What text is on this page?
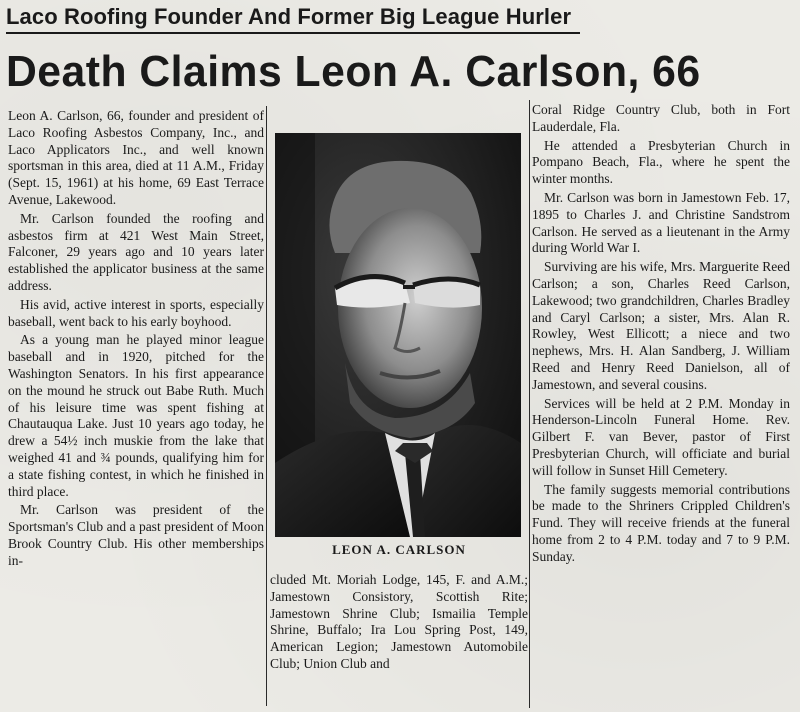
Laco Roofing Founder And Former Big League Hurler
Death Claims Leon A. Carlson, 66

Leon A. Carlson, 66, founder and president of Laco Roofing Asbestos Company, Inc., and Laco Applicators Inc., and well known sportsman in this area, died at 11 A.M., Friday (Sept. 15, 1961) at his home, 69 East Terrace Avenue, Lakewood.

Mr. Carlson founded the roofing and asbestos firm at 421 West Main Street, Falconer, 29 years ago and 10 years later established the applicator business at the same address.

His avid, active interest in sports, especially baseball, went back to his early boyhood.

As a young man he played minor league baseball and in 1920, pitched for the Washington Senators. In his first appearance on the mound he struck out Babe Ruth. Much of his leisure time was spent fishing at Chautauqua Lake. Just 10 years ago today, he drew a 54½ inch muskie from the lake that weighed 41 and ¾ pounds, qualifying him for a state fishing contest, in which he finished in third place.

Mr. Carlson was president of the Sportsman's Club and a past president of Moon Brook Country Club. His other memberships in-

LEON A. CARLSON

cluded Mt. Moriah Lodge, 145, F. and A.M.; Jamestown Consistory, Scottish Rite; Jamestown Shrine Club; Ismailia Temple Shrine, Buffalo; Ira Lou Spring Post, 149, American Legion; Jamestown Automobile Club; Union Club and

Coral Ridge Country Club, both in Fort Lauderdale, Fla.

He attended a Presbyterian Church in Pompano Beach, Fla., where he spent the winter months.

Mr. Carlson was born in Jamestown Feb. 17, 1895 to Charles J. and Christine Sandstrom Carlson. He served as a lieutenant in the Army during World War I.

Surviving are his wife, Mrs. Marguerite Reed Carlson; a son, Charles Reed Carlson, Lakewood; two grandchildren, Charles Bradley and Caryl Carlson; a sister, Mrs. Alan R. Rowley, West Ellicott; a niece and two nephews, Mrs. H. Alan Sandberg, J. William Reed and Henry Reed Danielson, all of Jamestown, and several cousins.

Services will be held at 2 P.M. Monday in Henderson-Lincoln Funeral Home. Rev. Gilbert F. van Bever, pastor of First Presbyterian Church, will officiate and burial will follow in Sunset Hill Cemetery.

The family suggests memorial contributions be made to the Shriners Crippled Children's Fund. They will receive friends at the funeral home from 2 to 4 P.M. today and 7 to 9 P.M. Sunday.
